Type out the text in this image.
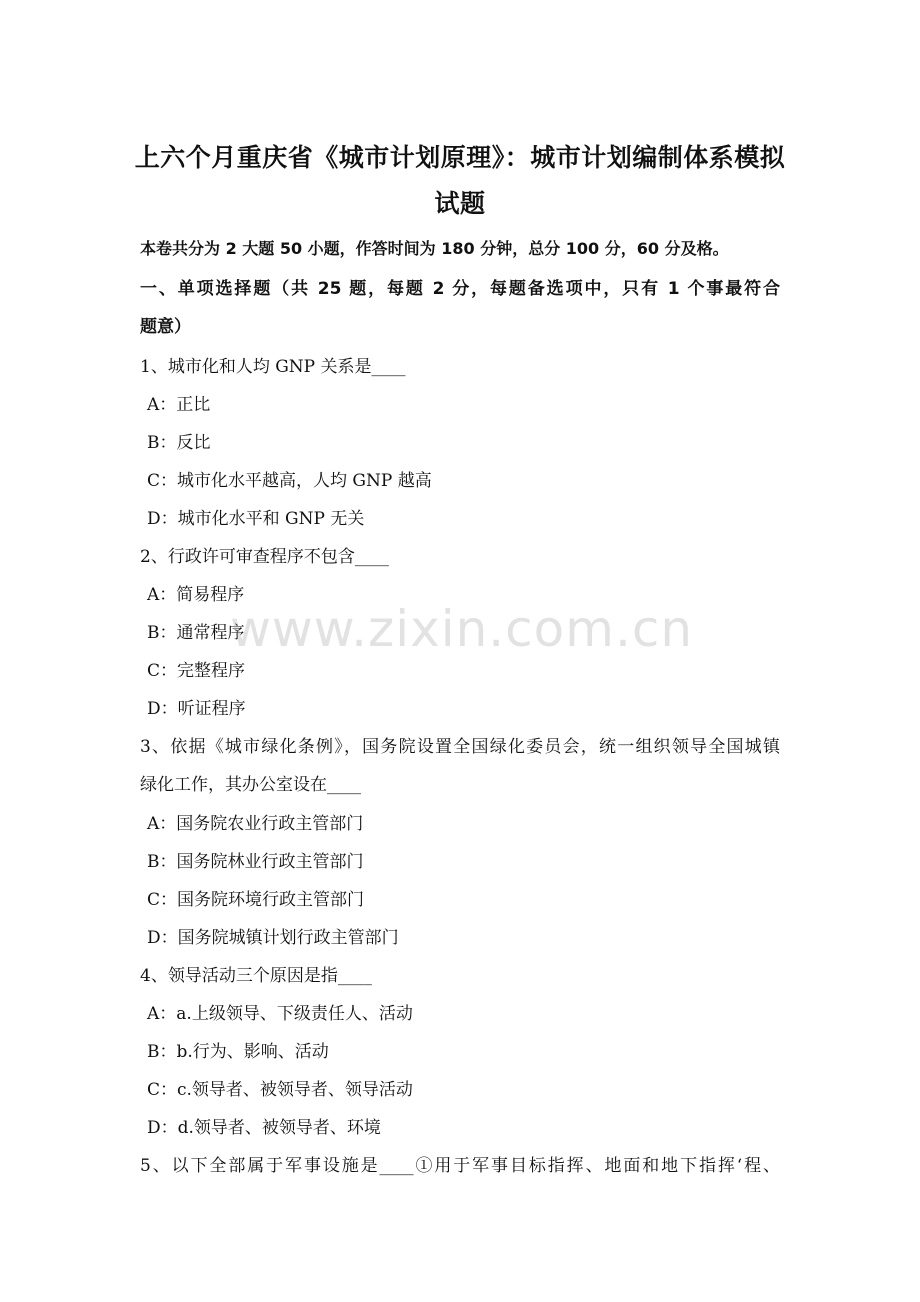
上六个月重庆省《城市计划原理》：城市计划编制体系模拟
试题
本卷共分为 2 大题 50 小题，作答时间为 180 分钟，总分 100 分，60 分及格。
一、单项选择题（共 25 题，每题 2 分，每题备选项中，只有 1 个事最符合
题意）
1、城市化和人均 GNP 关系是____
A：正比
B：反比
C：城市化水平越高，人均 GNP 越高
D：城市化水平和 GNP 无关
2、行政许可审查程序不包含____
A：简易程序
B：通常程序
C：完整程序
D：听证程序
3、依据《城市绿化条例》，国务院设置全国绿化委员会，统一组织领导全国城镇
绿化工作，其办公室设在____
A：国务院农业行政主管部门
B：国务院林业行政主管部门
C：国务院环境行政主管部门
D：国务院城镇计划行政主管部门
4、领导活动三个原因是指____
A：a.上级领导、下级责任人、活动
B：b.行为、影响、活动
C：c.领导者、被领导者、领导活动
D：d.领导者、被领导者、环境
5、以下全部属于军事设施是____①用于军事目标指挥、地面和地下指挥‘程、
www.zixin.com.cn
